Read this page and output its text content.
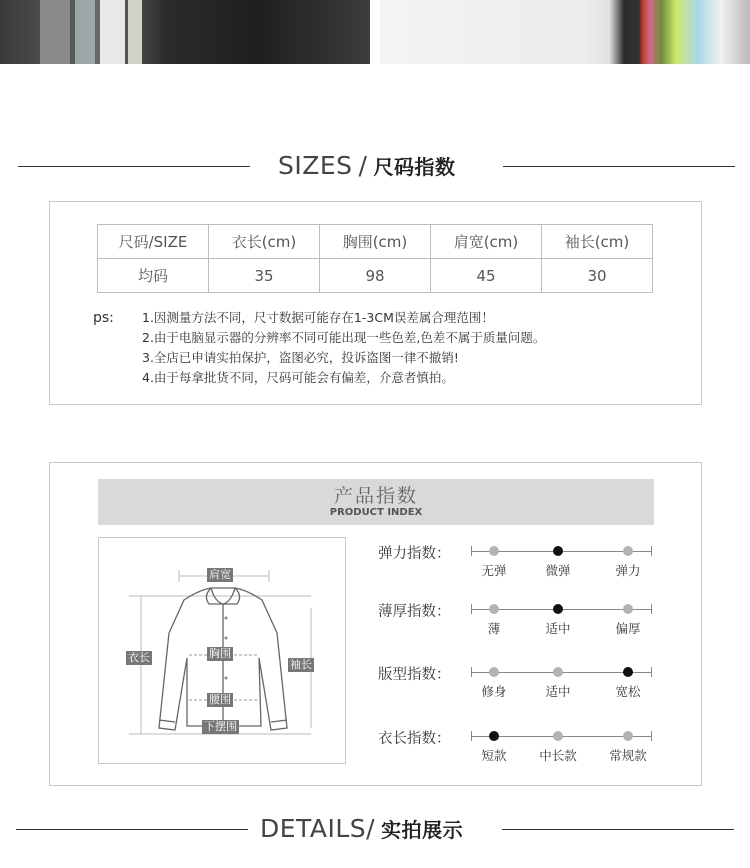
SIZES / 尺码指数
尺码/SIZE	衣长(cm)	胸围(cm)	肩宽(cm)	袖长(cm)
均码	35	98	45	30
ps: 1.因测量方法不同，尺寸数据可能存在1-3CM误差属合理范围！
2.由于电脑显示器的分辨率不同可能出现一些色差,色差不属于质量问题。
3.全店已申请实拍保护，盗图必究，投诉盗图一律不撤销!
4.由于每拿批货不同，尺码可能会有偏差，介意者慎拍。
产品指数
PRODUCT INDEX
肩宽
衣长	胸围
袖长
腰围
下摆围
弹力指数：
无弹	微弹	弹力
薄厚指数：
薄	适中	偏厚
版型指数：
修身	适中	宽松
衣长指数：
短款	中长款	常规款
DETAILS/ 实拍展示
